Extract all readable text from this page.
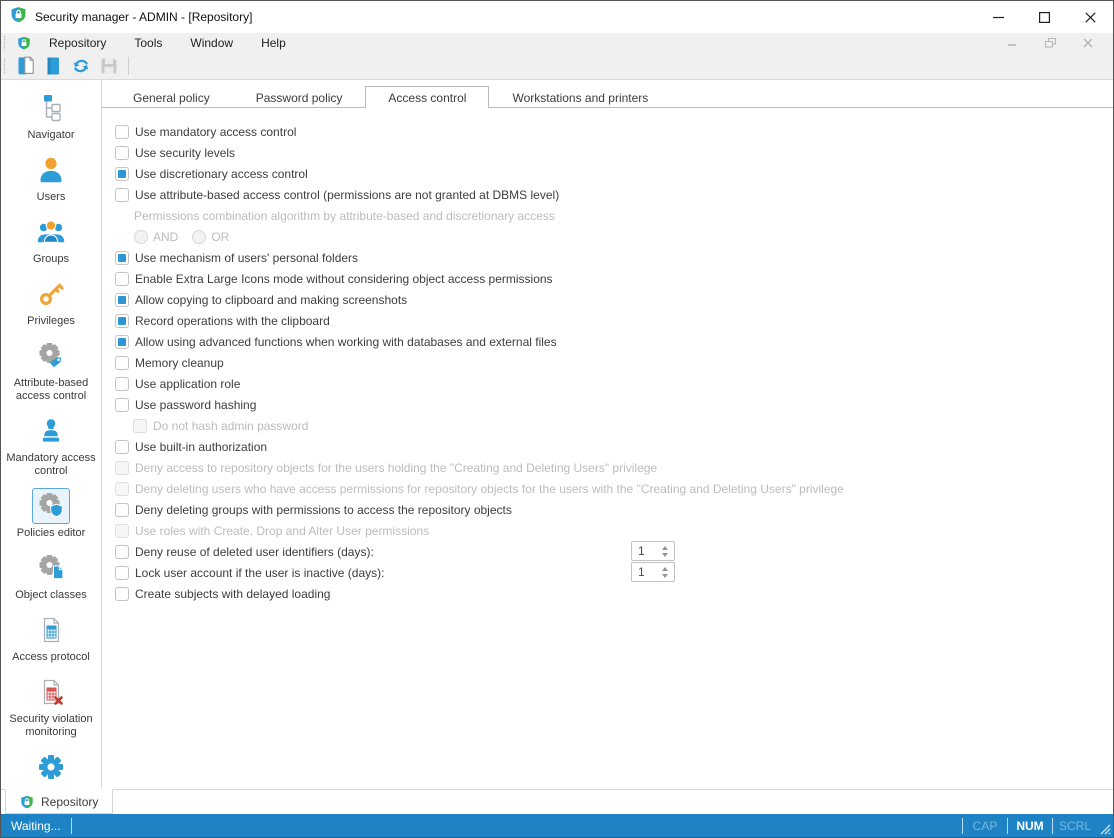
Security manager - ADMIN - [Repository]
Repository	Tools	Window	Help
Navigator
Users
Groups
Privileges
Attribute-based access control
Mandatory access control
Policies editor
Object classes
Access protocol
Security violation monitoring
General policy	Password policy	Access control	Workstations and printers
Use mandatory access control
Use security levels
Use discretionary access control
Use attribute-based access control (permissions are not granted at DBMS level)
Permissions combination algorithm by attribute-based and discretionary access
AND	OR
Use mechanism of users' personal folders
Enable Extra Large Icons mode without considering object access permissions
Allow copying to clipboard and making screenshots
Record operations with the clipboard
Allow using advanced functions when working with databases and external files
Memory cleanup
Use application role
Use password hashing
Do not hash admin password
Use built-in authorization
Deny access to repository objects for the users holding the "Creating and Deleting Users" privilege
Deny deleting users who have access permissions for repository objects for the users with the "Creating and Deleting Users" privilege
Deny deleting groups with permissions to access the repository objects
Use roles with Create, Drop and Alter User permissions
Deny reuse of deleted user identifiers (days):
1
Lock user account if the user is inactive (days):
1
Create subjects with delayed loading
Repository
Waiting...	CAP	NUM	SCRL
